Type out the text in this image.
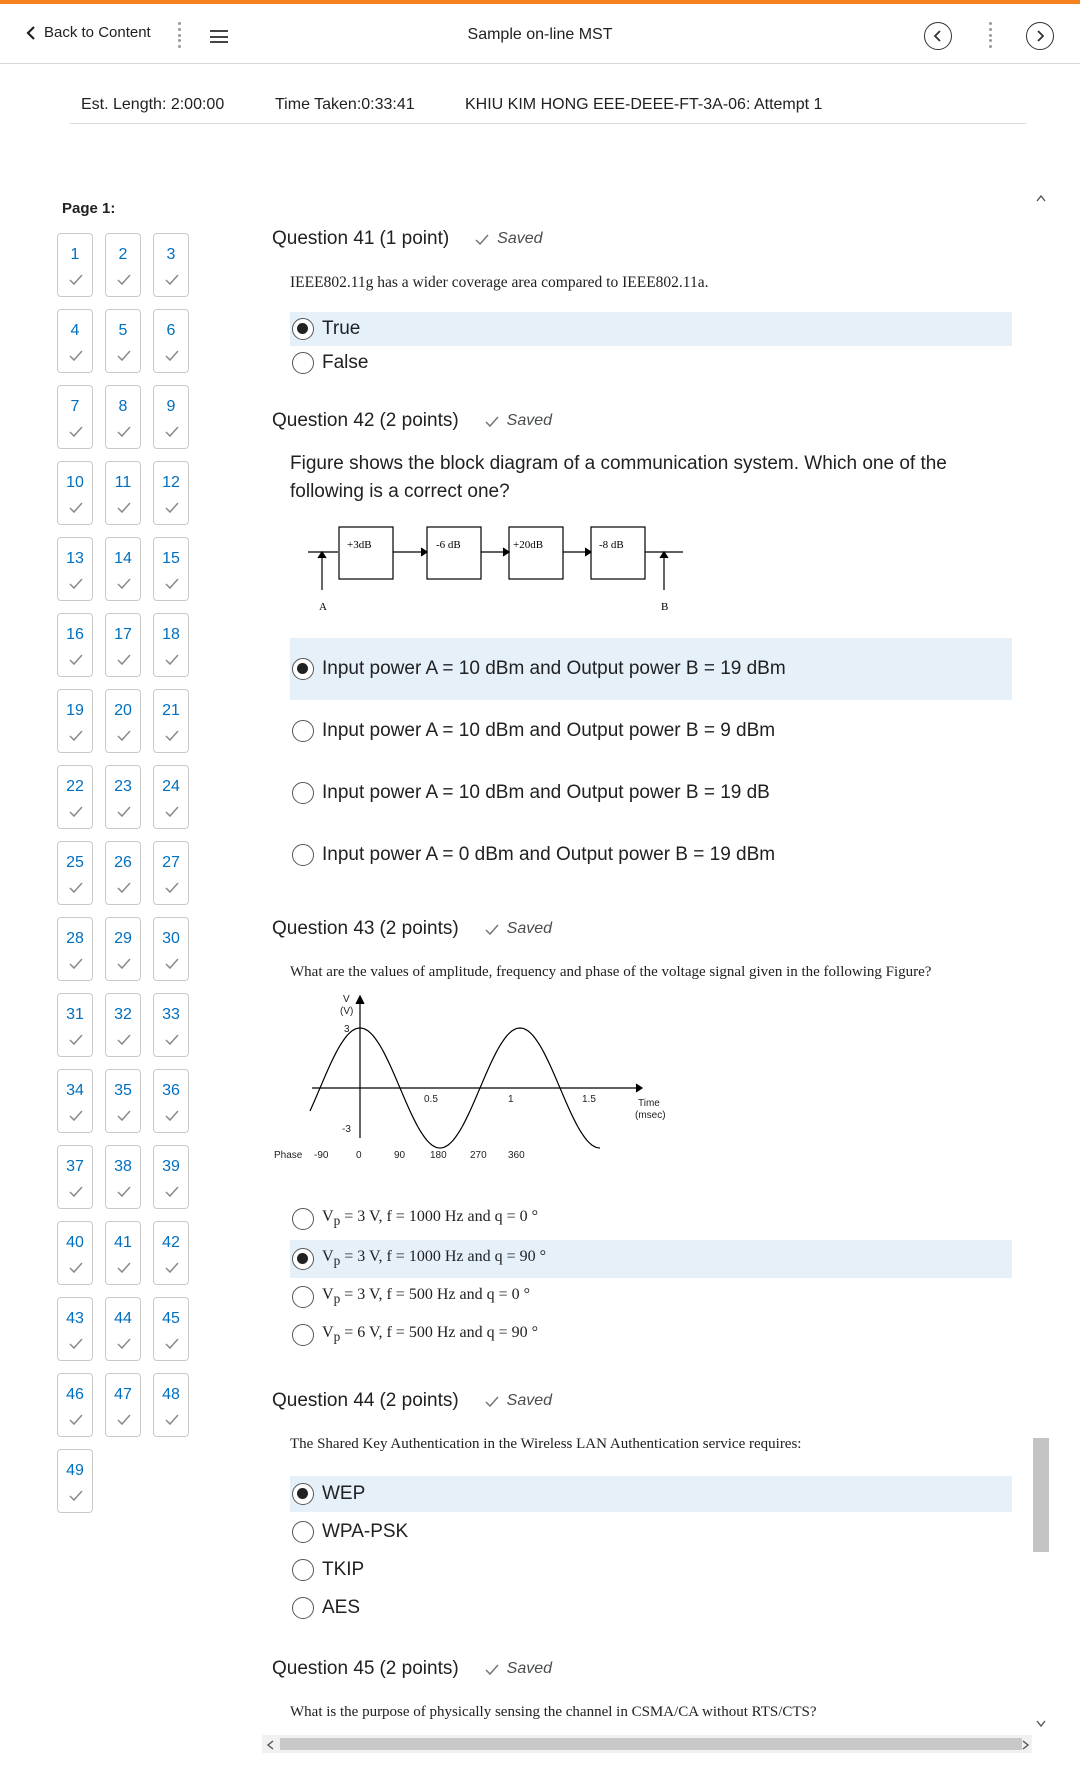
Back to Content	Sample on-line MST
Est. Length: 2:00:00	Time Taken:0:33:41	KHIU KIM HONG EEE-DEEE-FT-3A-06: Attempt 1
Page 1:
1	2	3
4	5	6
7	8	9
10	11	12
13	14	15
16	17	18
19	20	21
22	23	24
25	26	27
28	29	30
31	32	33
34	35	36
37	38	39
40	41	42
43	44	45
46	47	48
49
Question 41 (1 point)	Saved
IEEE802.11g has a wider coverage area compared to IEEE802.11a.
True
False
Question 42 (2 points)	Saved
Figure shows the block diagram of a communication system. Which one of the following is a correct one?
+3dB	-6 dB	+20dB	-8 dB
A	B
Input power A = 10 dBm and Output power B = 19 dBm
Input power A = 10 dBm and Output power B = 9 dBm
Input power A = 10 dBm and Output power B = 19 dB
Input power A = 0 dBm and Output power B = 19 dBm
Question 43 (2 points)	Saved
What are the values of amplitude, frequency and phase of the voltage signal given in the following Figure?
V
(V)
3
-3
0.5	1	1.5	Time
(msec)
Phase -90	0	90 180 270 360
$V_p = 3$ V, f = 1000 Hz and q = 0 °
$V_p = 3$ V, f = 1000 Hz and q = 90 °
$V_p = 3$ V, f = 500 Hz and q = 0 °
$V_p = 6$ V, f = 500 Hz and q = 90 °
Question 44 (2 points)	Saved
The Shared Key Authentication in the Wireless LAN Authentication service requires:
WEP
WPA-PSK
TKIP
AES
Question 45 (2 points)	Saved
What is the purpose of physically sensing the channel in CSMA/CA without RTS/CTS?
